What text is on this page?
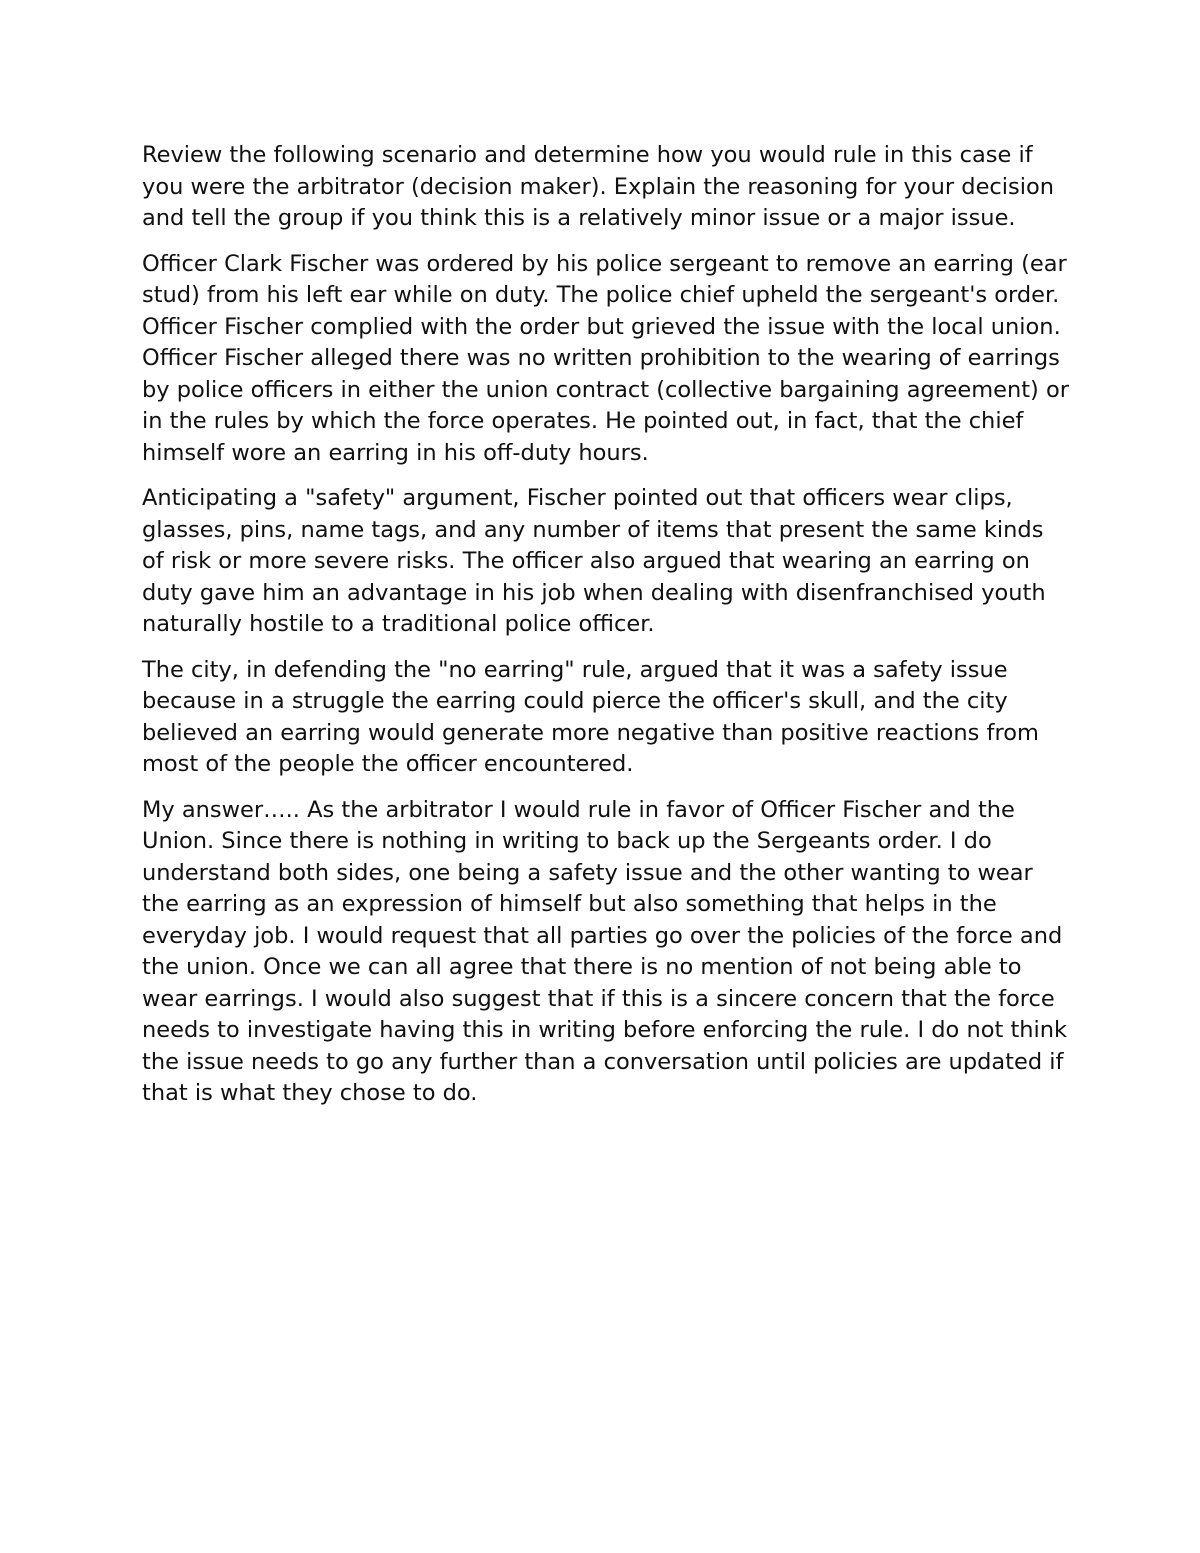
Review the following scenario and determine how you would rule in this case if you were the arbitrator (decision maker). Explain the reasoning for your decision and tell the group if you think this is a relatively minor issue or a major issue.

Officer Clark Fischer was ordered by his police sergeant to remove an earring (ear stud) from his left ear while on duty. The police chief upheld the sergeant's order. Officer Fischer complied with the order but grieved the issue with the local union. Officer Fischer alleged there was no written prohibition to the wearing of earrings by police officers in either the union contract (collective bargaining agreement) or in the rules by which the force operates. He pointed out, in fact, that the chief himself wore an earring in his off-duty hours.

Anticipating a "safety" argument, Fischer pointed out that officers wear clips, glasses, pins, name tags, and any number of items that present the same kinds of risk or more severe risks. The officer also argued that wearing an earring on duty gave him an advantage in his job when dealing with disenfranchised youth naturally hostile to a traditional police officer.

The city, in defending the "no earring" rule, argued that it was a safety issue because in a struggle the earring could pierce the officer's skull, and the city believed an earring would generate more negative than positive reactions from most of the people the officer encountered.

My answer….. As the arbitrator I would rule in favor of Officer Fischer and the Union. Since there is nothing in writing to back up the Sergeants order. I do understand both sides, one being a safety issue and the other wanting to wear the earring as an expression of himself but also something that helps in the everyday job. I would request that all parties go over the policies of the force and the union. Once we can all agree that there is no mention of not being able to wear earrings. I would also suggest that if this is a sincere concern that the force needs to investigate having this in writing before enforcing the rule. I do not think the issue needs to go any further than a conversation until policies are updated if that is what they chose to do.
